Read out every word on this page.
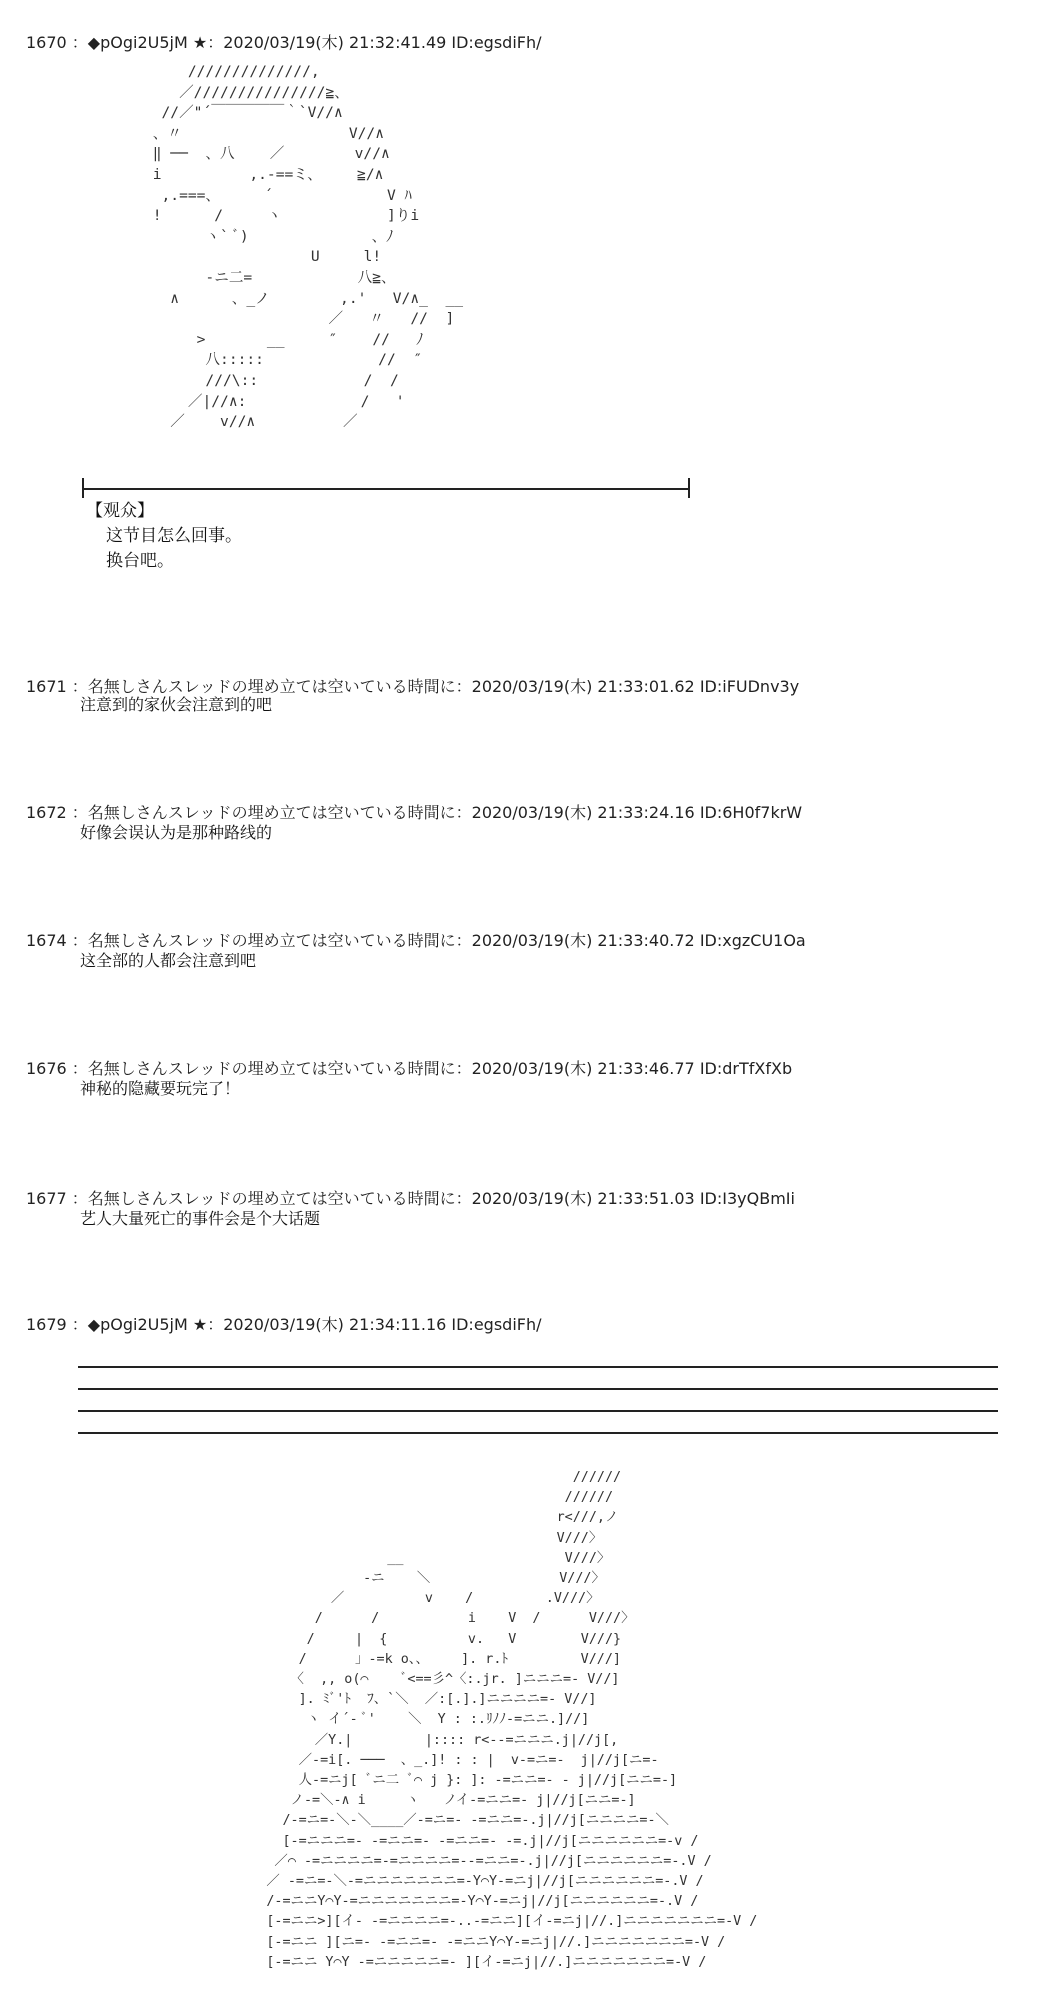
1670 ：◆pOgi2U5jM ★：2020/03/19(木) 21:32:41.49 ID:egsdiFh/
//////////////,
／///////////////≧、
//／"´￣￣￣￣￣｀`V//∧
、〃                   V//∧
‖ ──  、八    ／        v//∧
i          ,.-==ミ、    ≧/∧
,.===、     ´             V ﾊ
!      /     ヽ            ]りi
ヽ` ﾞ)              、ﾉ
U     l!
‐ニ二=            八≧、
∧      、_ノ        ,.'   V/∧_  __
／   〃   //  ]
>       __     ″    //   ﾉ
八:::::             //  ″
///\::            /  /
／|//∧:             /   '
／    v//∧          ／
【观众】
这节目怎么回事。
换台吧。
1671 ：名無しさんスレッドの埋め立ては空いている時間に：2020/03/19(木) 21:33:01.62 ID:iFUDnv3y
注意到的家伙会注意到的吧
1672 ：名無しさんスレッドの埋め立ては空いている時間に：2020/03/19(木) 21:33:24.16 ID:6H0f7krW
好像会误认为是那种路线的
1674 ：名無しさんスレッドの埋め立ては空いている時間に：2020/03/19(木) 21:33:40.72 ID:xgzCU1Oa
这全部的人都会注意到吧
1676 ：名無しさんスレッドの埋め立ては空いている時間に：2020/03/19(木) 21:33:46.77 ID:drTfXfXb
神秘的隐藏要玩完了！
1677 ：名無しさんスレッドの埋め立ては空いている時間に：2020/03/19(木) 21:33:51.03 ID:I3yQBmIi
艺人大量死亡的事件会是个大话题
1679 ：◆pOgi2U5jM ★：2020/03/19(木) 21:34:11.16 ID:egsdiFh/
//////
//////
r<///,ノ
V///〉
__                    V///〉
-ニ    ＼                V///〉
／          v    /         .V///〉
/      /           i    V  /      V///〉
/     |  {          v.   V        V///}
/      」-=k o、、    ]. r.ﾄ         V///]
〈  ,, o(⌒    ﾞ<==彡^〈:.jr. ]ニニニ=- V//]
]. ﾐﾞ'ﾄ  ﾌ、`＼  ／:[.].]ニニニニ=- V//]
ヽ イ´- ﾞ'    ＼  Y : :.ﾘﾉﾉ-=ニニ.]//]
／Y.|         |:::: r<--=ニニニ.j|//j[,
／-=i[. ───  、_.]! : : |  v-=ニ=-  j|//j[ニ=-
人-=ニj[ ﾞニ二 ﾞ⌒ j }: ]: -=ニニ=- - j|//j[ニニ=-]
ノ-=＼-∧ i     ヽ   ノイ-=ニニ=- j|//j[ニニ=-]
/-=ニ=-＼-＼____／-=ニ=- -=ニニ=-.j|//j[ニニニニ=-＼
[-=ニニニ=- -=ニニ=- -=ニニ=- -=.j|//j[ニニニニニニ=-v /
／⌒ -=ニニニニ=-=ニニニニ=--=ニニ=-.j|//j[ニニニニニニ=-.V /
／ -=ニ=-＼-=ニニニニニニニ=-Y⌒Y-=ニj|//j[ニニニニニニ=-.V /
/-=ニニY⌒Y-=ニニニニニニニ=-Y⌒Y-=ニj|//j[ニニニニニニ=-.V /
[-=ニニ>][イ- -=ニニニニ=-..-=ニニ][イ-=ニj|//.]ニニニニニニニ=-V /
[-=ニニ ][ニ=- -=ニニ=- -=ニニY⌒Y-=ニj|//.]ニニニニニニニ=-V /
[-=ニニ Y⌒Y -=ニニニニニ=- ][イ-=ニj|//.]ニニニニニニニ=-V /
